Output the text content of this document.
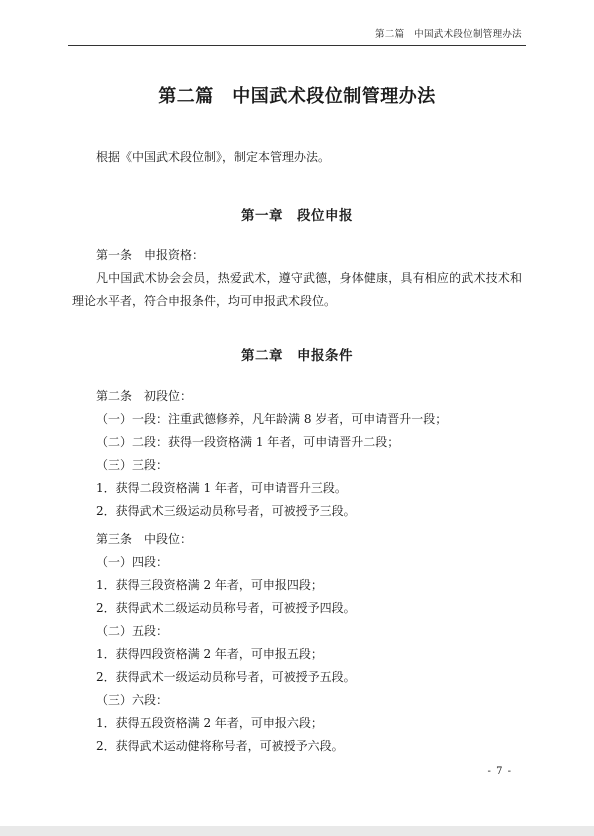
第二篇　中国武术段位制管理办法
第二篇　中国武术段位制管理办法

根据《中国武术段位制》，制定本管理办法。

第一章　段位申报

第一条　申报资格：

凡中国武术协会会员，热爱武术，遵守武德，身体健康，具有相应的武术技术和理论水平者，符合申报条件，均可申报武术段位。

第二章　申报条件

第二条　初段位：

（一）一段：注重武德修养，凡年龄满 8 岁者，可申请晋升一段；

（二）二段：获得一段资格满 1 年者，可申请晋升二段；

（三）三段：

1．获得二段资格满 1 年者，可申请晋升三段。

2．获得武术三级运动员称号者，可被授予三段。

第三条　中段位：

（一）四段：

1．获得三段资格满 2 年者，可申报四段；

2．获得武术二级运动员称号者，可被授予四段。

（二）五段：

1．获得四段资格满 2 年者，可申报五段；

2．获得武术一级运动员称号者，可被授予五段。

（三）六段：

1．获得五段资格满 2 年者，可申报六段；

2．获得武术运动健将称号者，可被授予六段。

- 7 -
